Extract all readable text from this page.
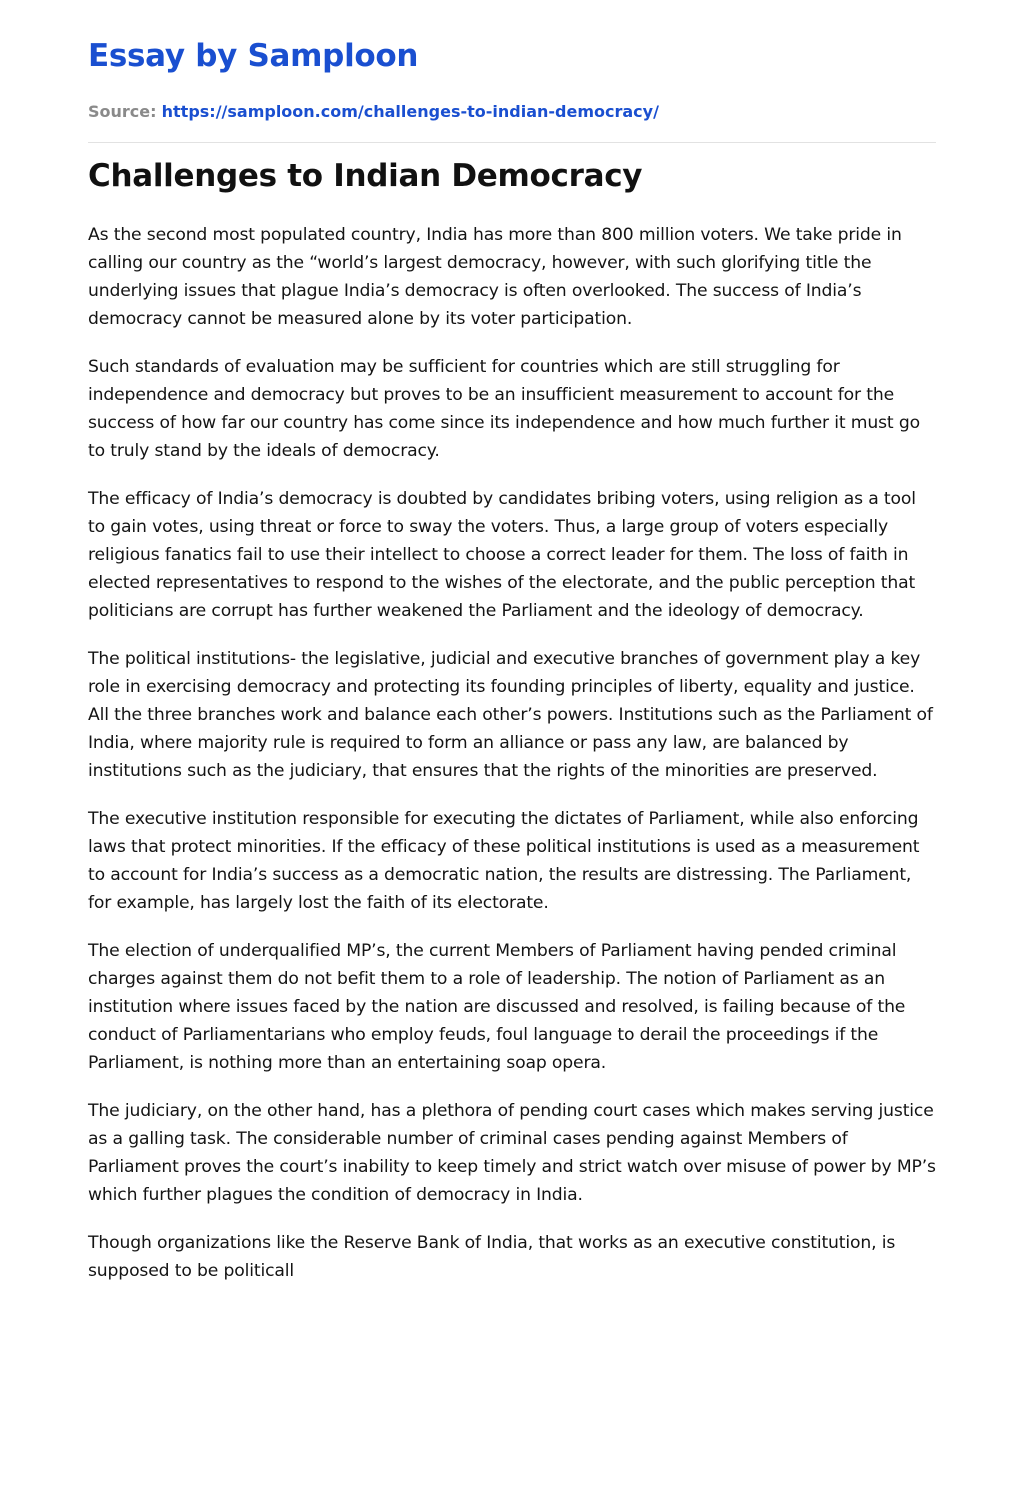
Essay by Samploon

Source: https://samploon.com/challenges-to-indian-democracy/

Challenges to Indian Democracy

As the second most populated country, India has more than 800 million voters. We take pride in calling our country as the “world’s largest democracy, however, with such glorifying title the underlying issues that plague India’s democracy is often overlooked. The success of India’s democracy cannot be measured alone by its voter participation.

Such standards of evaluation may be sufficient for countries which are still struggling for independence and democracy but proves to be an insufficient measurement to account for the success of how far our country has come since its independence and how much further it must go to truly stand by the ideals of democracy.

The efficacy of India’s democracy is doubted by candidates bribing voters, using religion as a tool to gain votes, using threat or force to sway the voters. Thus, a large group of voters especially religious fanatics fail to use their intellect to choose a correct leader for them. The loss of faith in elected representatives to respond to the wishes of the electorate, and the public perception that politicians are corrupt has further weakened the Parliament and the ideology of democracy.

The political institutions- the legislative, judicial and executive branches of government play a key role in exercising democracy and protecting its founding principles of liberty, equality and justice. All the three branches work and balance each other’s powers. Institutions such as the Parliament of India, where majority rule is required to form an alliance or pass any law, are balanced by institutions such as the judiciary, that ensures that the rights of the minorities are preserved.

The executive institution responsible for executing the dictates of Parliament, while also enforcing laws that protect minorities. If the efficacy of these political institutions is used as a measurement to account for India’s success as a democratic nation, the results are distressing. The Parliament, for example, has largely lost the faith of its electorate.

The election of underqualified MP’s, the current Members of Parliament having pended criminal charges against them do not befit them to a role of leadership. The notion of Parliament as an institution where issues faced by the nation are discussed and resolved, is failing because of the conduct of Parliamentarians who employ feuds, foul language to derail the proceedings if the Parliament, is nothing more than an entertaining soap opera.

The judiciary, on the other hand, has a plethora of pending court cases which makes serving justice as a galling task. The considerable number of criminal cases pending against Members of Parliament proves the court’s inability to keep timely and strict watch over misuse of power by MP’s which further plagues the condition of democracy in India.

Though organizations like the Reserve Bank of India, that works as an executive constitution, is supposed to be politicall
